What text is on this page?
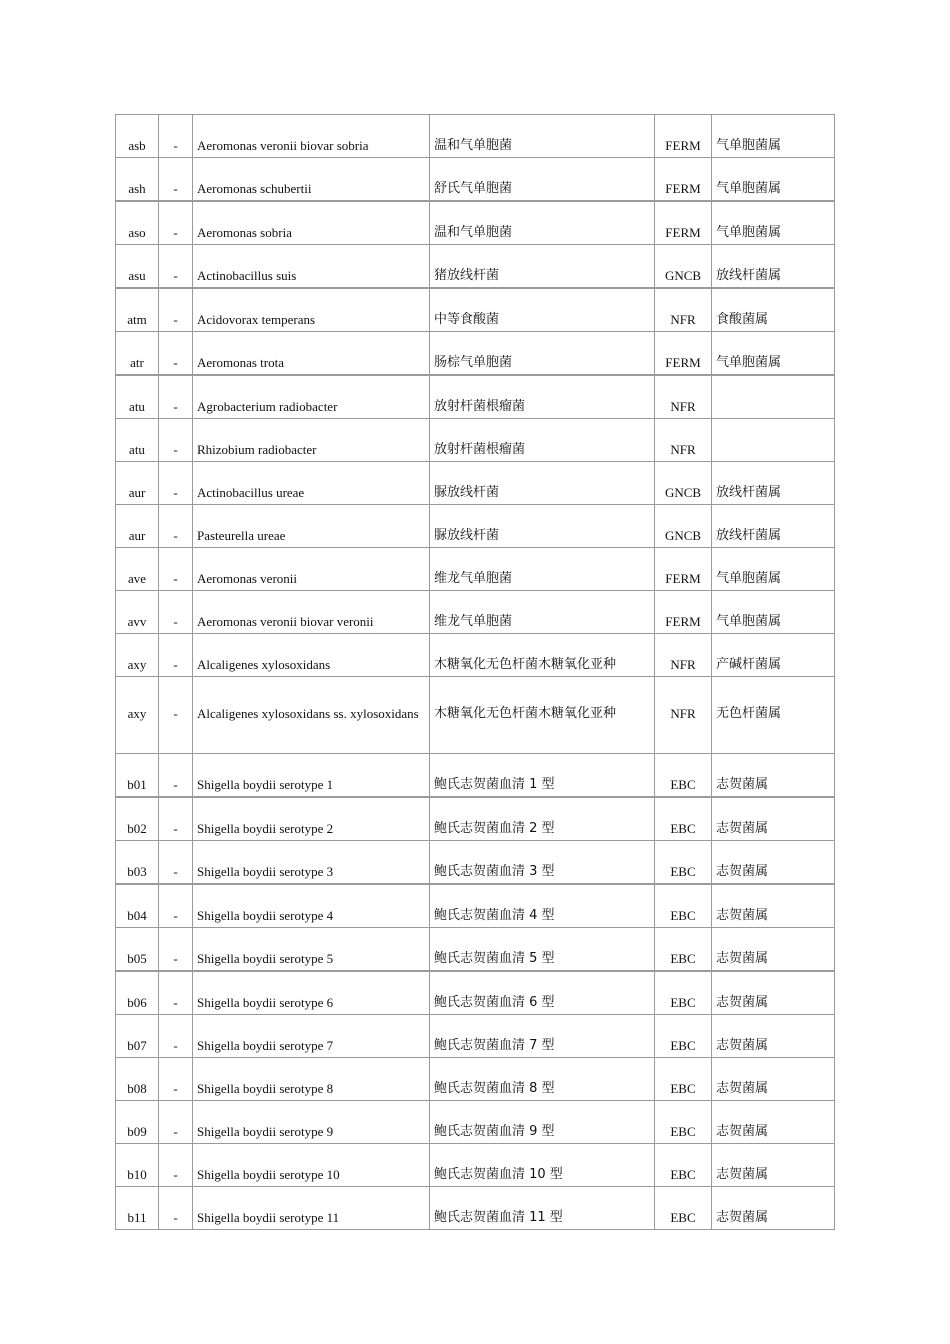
asb	-	Aeromonas veronii biovar sobria	温和气单胞菌	FERM	气单胞菌属
ash	-	Aeromonas schubertii	舒氏气单胞菌	FERM	气单胞菌属
aso	-	Aeromonas sobria	温和气单胞菌	FERM	气单胞菌属
asu	-	Actinobacillus suis	猪放线杆菌	GNCB	放线杆菌属
atm	-	Acidovorax temperans	中等食酸菌	NFR	食酸菌属
atr	-	Aeromonas trota	肠棕气单胞菌	FERM	气单胞菌属
atu	-	Agrobacterium radiobacter	放射杆菌根瘤菌	NFR	
atu	-	Rhizobium radiobacter	放射杆菌根瘤菌	NFR	
aur	-	Actinobacillus ureae	脲放线杆菌	GNCB	放线杆菌属
aur	-	Pasteurella ureae	脲放线杆菌	GNCB	放线杆菌属
ave	-	Aeromonas veronii	维龙气单胞菌	FERM	气单胞菌属
avv	-	Aeromonas veronii biovar veronii	维龙气单胞菌	FERM	气单胞菌属
axy	-	Alcaligenes xylosoxidans	木糖氧化无色杆菌木糖氧化亚种	NFR	产碱杆菌属
axy	-	Alcaligenes xylosoxidans ss. xylosoxidans	木糖氧化无色杆菌木糖氧化亚种	NFR	无色杆菌属
b01	-	Shigella boydii serotype 1	鲍氏志贺菌血清 1 型	EBC	志贺菌属
b02	-	Shigella boydii serotype 2	鲍氏志贺菌血清 2 型	EBC	志贺菌属
b03	-	Shigella boydii serotype 3	鲍氏志贺菌血清 3 型	EBC	志贺菌属
b04	-	Shigella boydii serotype 4	鲍氏志贺菌血清 4 型	EBC	志贺菌属
b05	-	Shigella boydii serotype 5	鲍氏志贺菌血清 5 型	EBC	志贺菌属
b06	-	Shigella boydii serotype 6	鲍氏志贺菌血清 6 型	EBC	志贺菌属
b07	-	Shigella boydii serotype 7	鲍氏志贺菌血清 7 型	EBC	志贺菌属
b08	-	Shigella boydii serotype 8	鲍氏志贺菌血清 8 型	EBC	志贺菌属
b09	-	Shigella boydii serotype 9	鲍氏志贺菌血清 9 型	EBC	志贺菌属
b10	-	Shigella boydii serotype 10	鲍氏志贺菌血清 10 型	EBC	志贺菌属
b11	-	Shigella boydii serotype 11	鲍氏志贺菌血清 11 型	EBC	志贺菌属
